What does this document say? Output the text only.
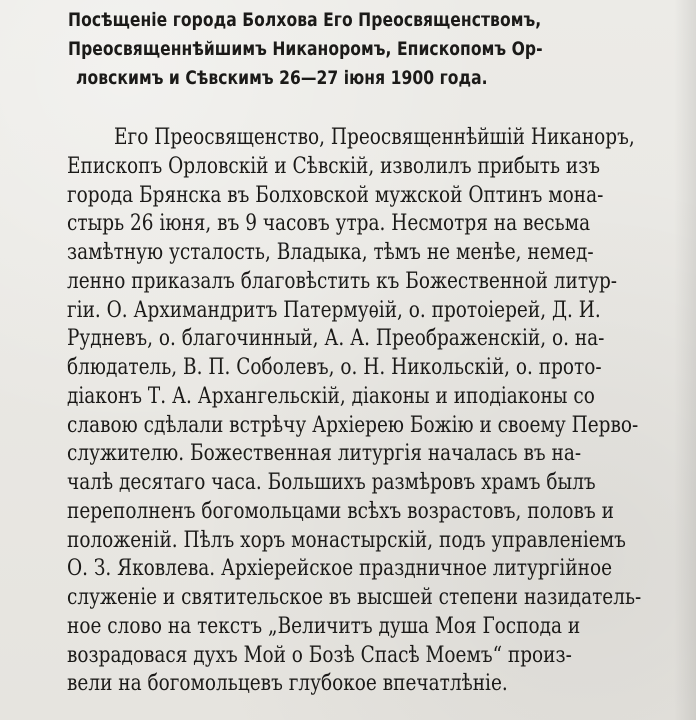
Посѣщеніе города Болхова Его Преосвященствомъ,
Преосвященнѣйшимъ Никаноромъ, Епископомъ Ор-
ловскимъ и Сѣвскимъ 26—27 іюня 1900 года.
Его Преосвященство, Преосвященнѣйшій Никаноръ,
Епископъ Орловскій и Сѣвскій, изволилъ прибыть изъ
города Брянска въ Болховской мужской Оптинъ мона-
стырь 26 іюня, въ 9 часовъ утра. Несмотря на весьма
замѣтную усталость, Владыка, тѣмъ не менѣе, немед-
ленно приказалъ благовѣстить къ Божественной литур-
гіи. О. Архимандритъ Патермуѳій, о. протоіерей, Д. И.
Рудневъ, о. благочинный, А. А. Преображенскій, о. на-
блюдатель, В. П. Соболевъ, о. Н. Никольскій, о. прото-
діаконъ Т. А. Архангельскій, діаконы и иподіаконы со
славою сдѣлали встрѣчу Архіерею Божію и своему Перво-
служителю. Божественная литургія началась въ на-
чалѣ десятаго часа. Большихъ размѣровъ храмъ былъ
переполненъ богомольцами всѣхъ возрастовъ, половъ и
положеній. Пѣлъ хоръ монастырскій, подъ управленіемъ
О. З. Яковлева. Архіерейское праздничное литургійное
служеніе и святительское въ высшей степени назидатель-
ное слово на текстъ „Величитъ душа Моя Господа и
возрадовася духъ Мой о Бозѣ Спасѣ Моемъ“ произ-
вели на богомольцевъ глубокое впечатлѣніе.
